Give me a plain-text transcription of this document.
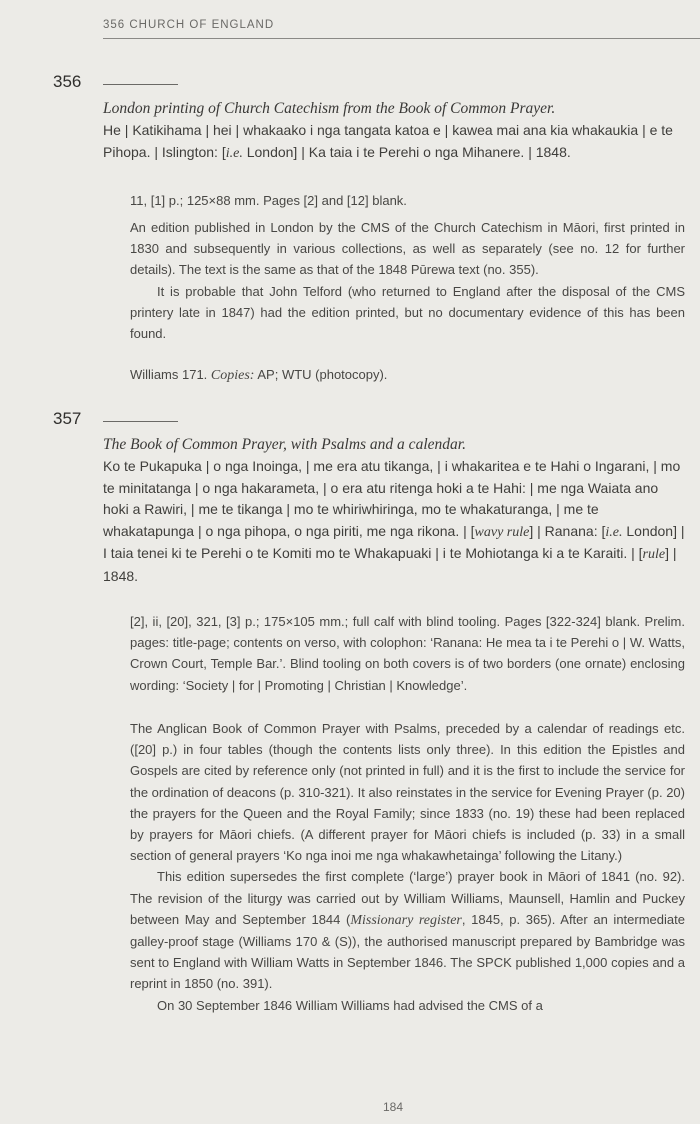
356 CHURCH OF ENGLAND
356
London printing of Church Catechism from the Book of Common Prayer.
He | Katikihama | hei | whakaako i nga tangata katoa e | kawea mai ana kia whakaukia | e te Pihopa. | Islington: [i.e. London] | Ka taia i te Perehi o nga Mihanere. | 1848.

11, [1] p.; 125×88 mm. Pages [2] and [12] blank.

An edition published in London by the CMS of the Church Catechism in Māori, first printed in 1830 and subsequently in various collections, as well as separately (see no. 12 for further details). The text is the same as that of the 1848 Pūrewa text (no. 355).

It is probable that John Telford (who returned to England after the disposal of the CMS printery late in 1847) had the edition printed, but no documentary evidence of this has been found.

Williams 171. Copies: AP; WTU (photocopy).

357
The Book of Common Prayer, with Psalms and a calendar.
Ko te Pukapuka | o nga Inoinga, | me era atu tikanga, | i whakaritea e te Hahi o Ingarani, | mo te minitatanga | o nga hakarameta, | o era atu ritenga hoki a te Hahi: | me nga Waiata ano hoki a Rawiri, | me te tikanga | mo te whiriwhiringa, mo te whakaturanga, | me te whakatapunga | o nga pihopa, o nga piriti, me nga rikona. | [wavy rule] | Ranana: [i.e. London] | I taia tenei ki te Perehi o te Komiti mo te Whakapuaki | i te Mohiotanga ki a te Karaiti. | [rule] | 1848.

[2], ii, [20], 321, [3] p.; 175×105 mm.; full calf with blind tooling. Pages [322-324] blank. Prelim. pages: title-page; contents on verso, with colophon: ‘Ranana: He mea ta i te Perehi o | W. Watts, Crown Court, Temple Bar.’. Blind tooling on both covers is of two borders (one ornate) enclosing wording: ‘Society | for | Promoting | Christian | Knowledge’.

The Anglican Book of Common Prayer with Psalms, preceded by a calendar of readings etc. ([20] p.) in four tables (though the contents lists only three). In this edition the Epistles and Gospels are cited by reference only (not printed in full) and it is the first to include the service for the ordination of deacons (p. 310-321). It also reinstates in the service for Evening Prayer (p. 20) the prayers for the Queen and the Royal Family; since 1833 (no. 19) these had been replaced by prayers for Māori chiefs. (A different prayer for Māori chiefs is included (p. 33) in a small section of general prayers ‘Ko nga inoi me nga whakawhetainga’ following the Litany.)

This edition supersedes the first complete (‘large’) prayer book in Māori of 1841 (no. 92). The revision of the liturgy was carried out by William Williams, Maunsell, Hamlin and Puckey between May and September 1844 (Missionary register, 1845, p. 365). After an intermediate galley-proof stage (Williams 170 & (S)), the authorised manuscript prepared by Bambridge was sent to England with William Watts in September 1846. The SPCK published 1,000 copies and a reprint in 1850 (no. 391).

On 30 September 1846 William Williams had advised the CMS of a

184
